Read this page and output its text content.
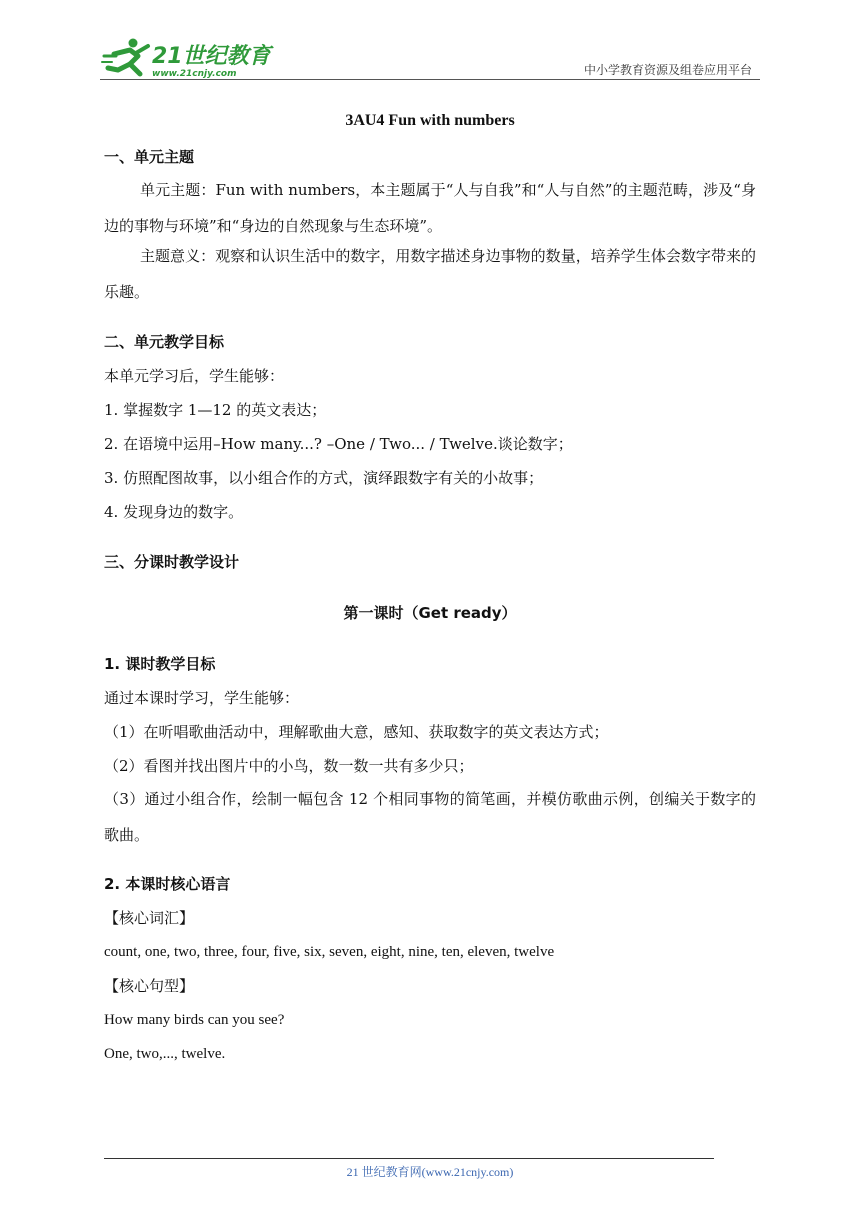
21世纪教育
www.21cnjy.com	中小学教育资源及组卷应用平台
3AU4 Fun with numbers
一、单元主题
单元主题：Fun with numbers，本主题属于“人与自我”和“人与自然”的主题范畴，涉及“身边的事物与环境”和“身边的自然现象与生态环境”。
主题意义：观察和认识生活中的数字，用数字描述身边事物的数量，培养学生体会数字带来的乐趣。
二、单元教学目标
本单元学习后，学生能够：
1. 掌握数字 1—12 的英文表达；
2. 在语境中运用–How many...? –One / Two... / Twelve.谈论数字；
3. 仿照配图故事，以小组合作的方式，演绎跟数字有关的小故事；
4. 发现身边的数字。
三、分课时教学设计
第一课时（Get ready）
1. 课时教学目标
通过本课时学习，学生能够：
（1）在听唱歌曲活动中，理解歌曲大意，感知、获取数字的英文表达方式；
（2）看图并找出图片中的小鸟，数一数一共有多少只；
（3）通过小组合作，绘制一幅包含 12 个相同事物的简笔画，并模仿歌曲示例，创编关于数字的歌曲。
2. 本课时核心语言
【核心词汇】
count, one, two, three, four, five, six, seven, eight, nine, ten, eleven, twelve
【核心句型】
How many birds can you see?
One, two,..., twelve.
21 世纪教育网(www.21cnjy.com)
